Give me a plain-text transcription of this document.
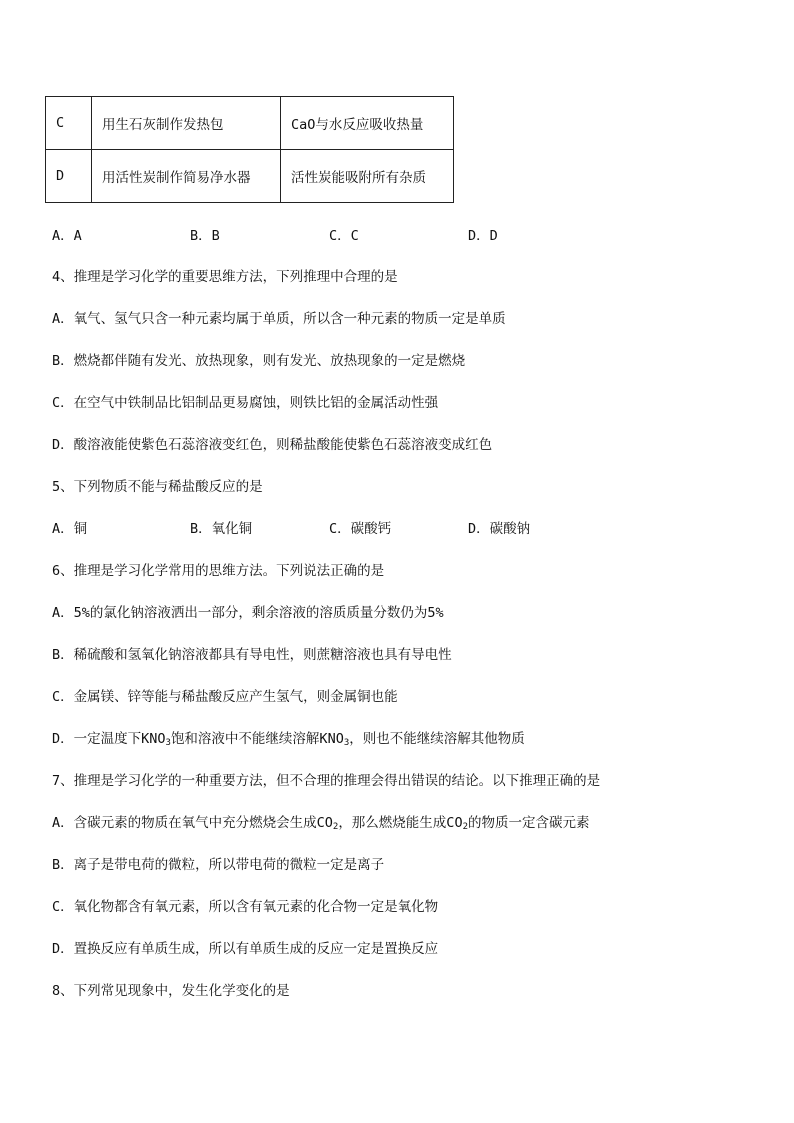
C	用生石灰制作发热包	CaO与水反应吸收热量
D	用活性炭制作简易净水器	活性炭能吸附所有杂质
A．A	B．B	C．C	D．D
4、推理是学习化学的重要思维方法，下列推理中合理的是
A．氧气、氢气只含一种元素均属于单质，所以含一种元素的物质一定是单质
B．燃烧都伴随有发光、放热现象，则有发光、放热现象的一定是燃烧
C．在空气中铁制品比铝制品更易腐蚀，则铁比铝的金属活动性强
D．酸溶液能使紫色石蕊溶液变红色，则稀盐酸能使紫色石蕊溶液变成红色
5、下列物质不能与稀盐酸反应的是
A．铜	B．氧化铜	C．碳酸钙	D．碳酸钠
6、推理是学习化学常用的思维方法。下列说法正确的是
A．5%的氯化钠溶液洒出一部分，剩余溶液的溶质质量分数仍为5%
B．稀硫酸和氢氧化钠溶液都具有导电性，则蔗糖溶液也具有导电性
C．金属镁、锌等能与稀盐酸反应产生氢气，则金属铜也能
D．一定温度下$KNO_3$饱和溶液中不能继续溶解$KNO_3$，则也不能继续溶解其他物质
7、推理是学习化学的一种重要方法，但不合理的推理会得出错误的结论。以下推理正确的是
A．含碳元素的物质在氧气中充分燃烧会生成$CO_2$，那么燃烧能生成$CO_2$的物质一定含碳元素
B．离子是带电荷的微粒，所以带电荷的微粒一定是离子
C．氧化物都含有氧元素，所以含有氧元素的化合物一定是氧化物
D．置换反应有单质生成，所以有单质生成的反应一定是置换反应
8、下列常见现象中，发生化学变化的是
